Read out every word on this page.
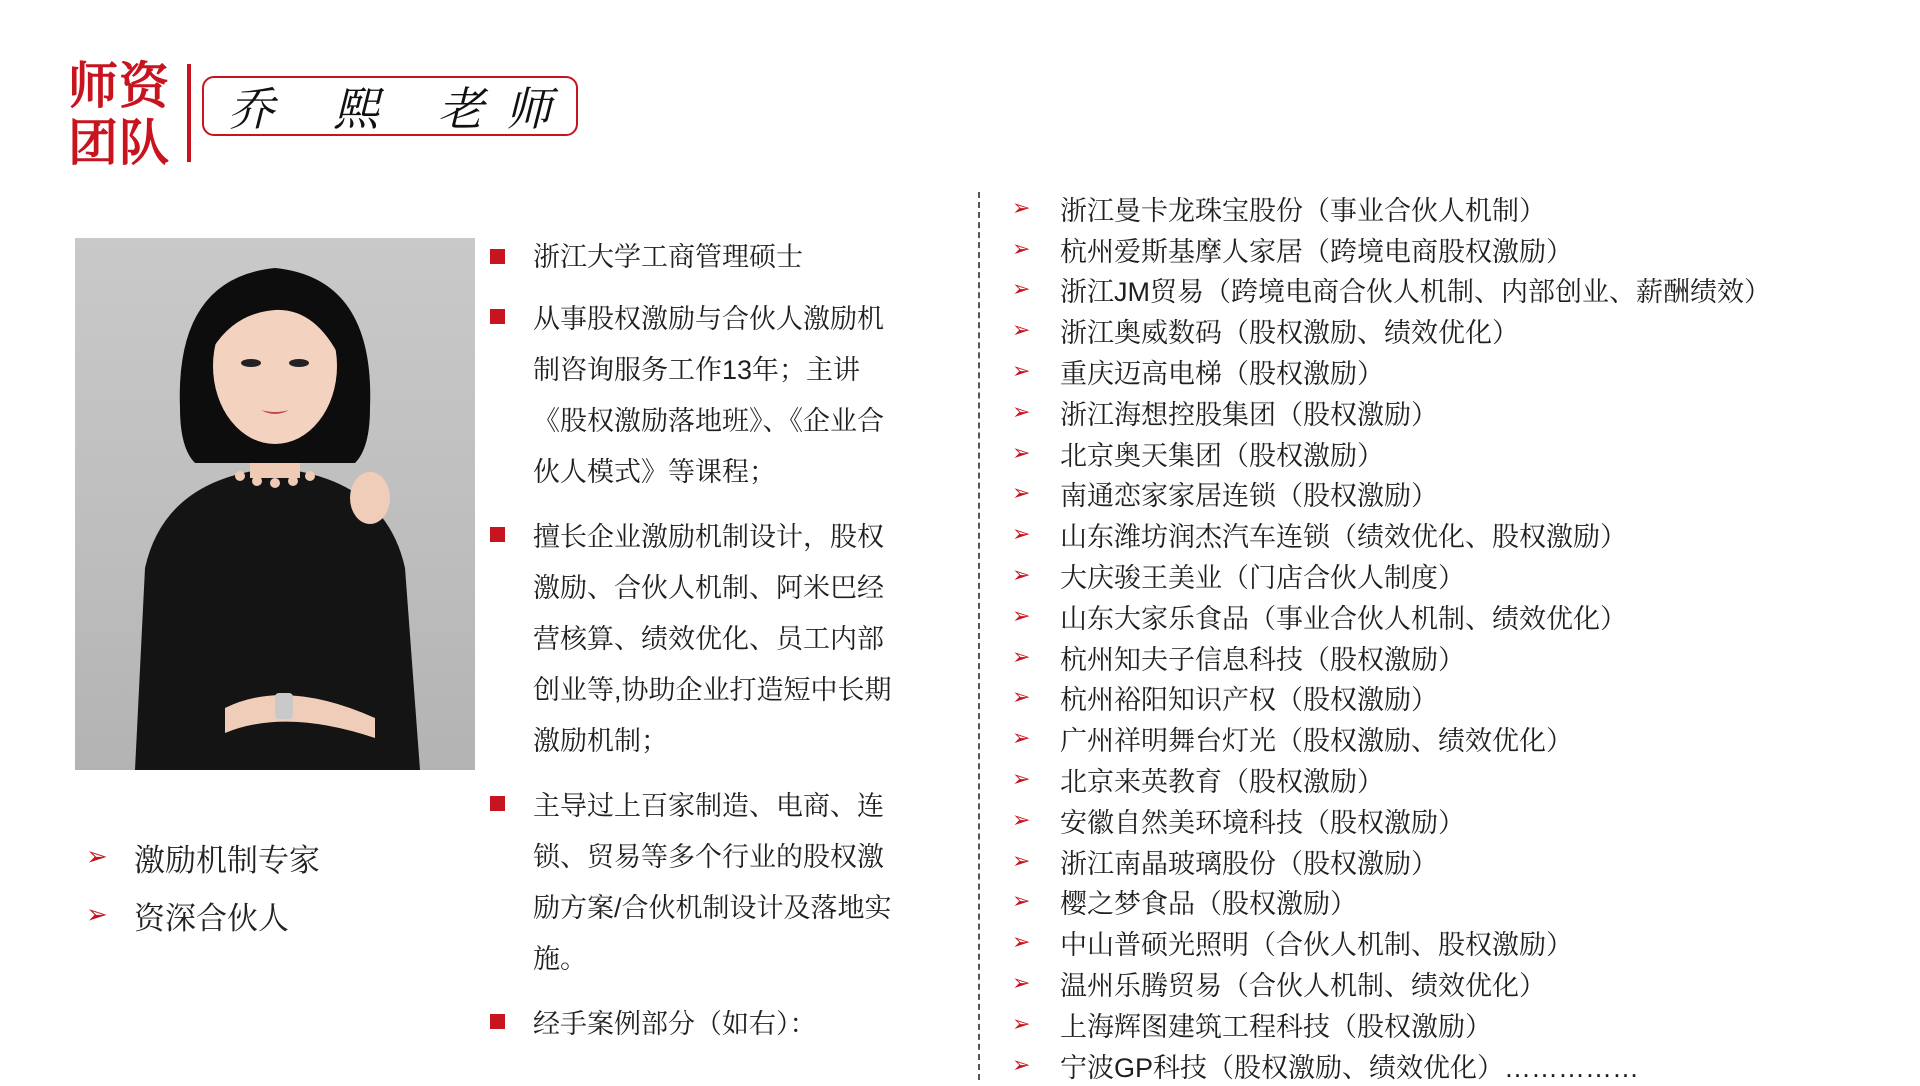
师资
团队
乔 熙 老师
➢ 激励机制专家
➢ 资深合伙人
浙江大学工商管理硕士
从事股权激励与合伙人激励机制咨询服务工作13年；主讲《股权激励落地班》、《企业合伙人模式》等课程；
擅长企业激励机制设计，股权激励、合伙人机制、阿米巴经营核算、绩效优化、员工内部创业等,协助企业打造短中长期激励机制；
主导过上百家制造、电商、连锁、贸易等多个行业的股权激励方案/合伙机制设计及落地实施。
经手案例部分（如右）：
➢	浙江曼卡龙珠宝股份（事业合伙人机制）
➢	杭州爱斯基摩人家居（跨境电商股权激励）
➢	浙江JM贸易（跨境电商合伙人机制、内部创业、薪酬绩效）
➢	浙江奥威数码（股权激励、绩效优化）
➢	重庆迈高电梯（股权激励）
➢	浙江海想控股集团（股权激励）
➢	北京奥天集团（股权激励）
➢	南通恋家家居连锁（股权激励）
➢	山东潍坊润杰汽车连锁（绩效优化、股权激励）
➢	大庆骏王美业（门店合伙人制度）
➢	山东大家乐食品（事业合伙人机制、绩效优化）
➢	杭州知夫子信息科技（股权激励）
➢	杭州裕阳知识产权（股权激励）
➢	广州祥明舞台灯光（股权激励、绩效优化）
➢	北京来英教育（股权激励）
➢	安徽自然美环境科技（股权激励）
➢	浙江南晶玻璃股份（股权激励）
➢	樱之梦食品（股权激励）
➢	中山普硕光照明（合伙人机制、股权激励）
➢	温州乐腾贸易（合伙人机制、绩效优化）
➢	上海辉图建筑工程科技（股权激励）
➢	宁波GP科技（股权激励、绩效优化）……………
